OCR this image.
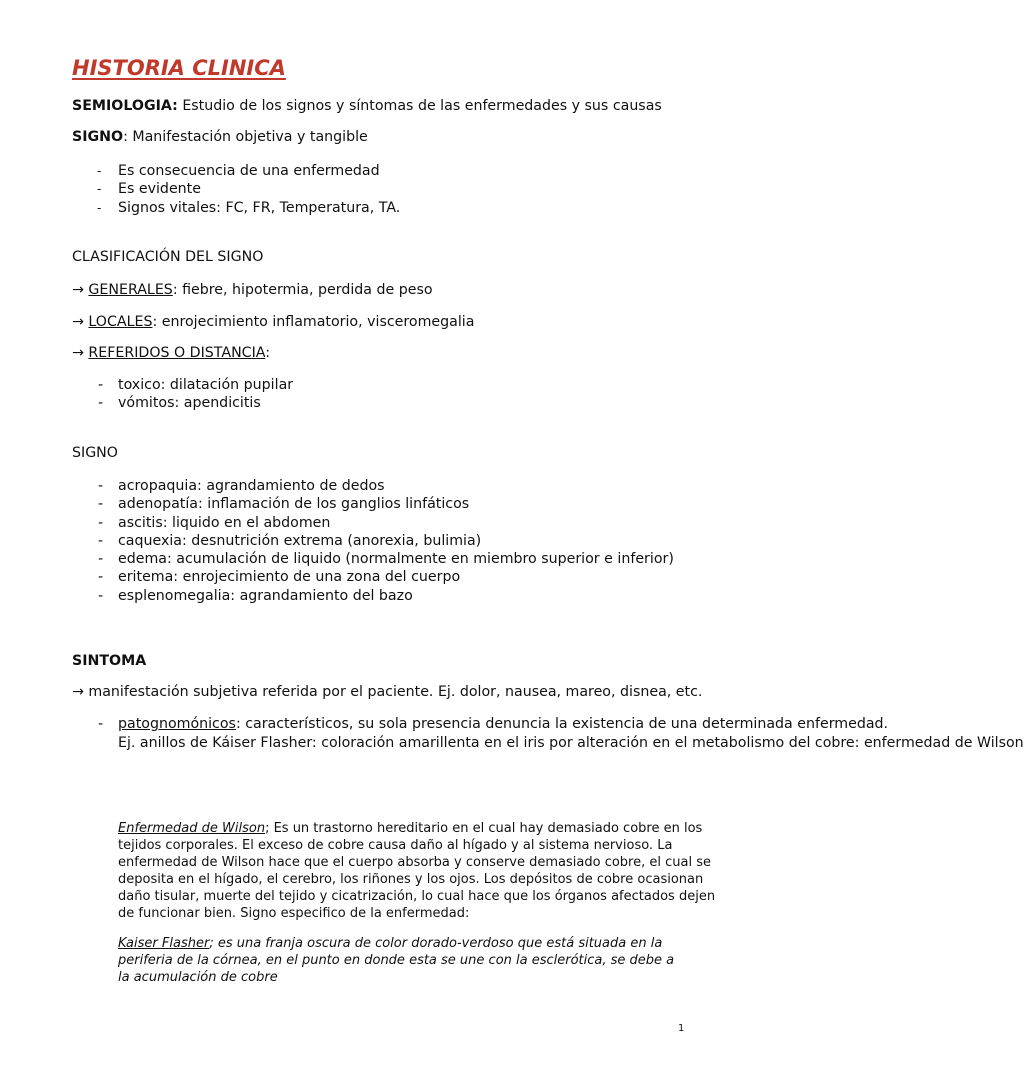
HISTORIA CLINICA
SEMIOLOGIA: Estudio de los signos y síntomas de las enfermedades y sus causas
SIGNO: Manifestación objetiva y tangible
- Es consecuencia de una enfermedad
- Es evidente
- Signos vitales: FC, FR, Temperatura, TA.
CLASIFICACIÓN DEL SIGNO
→ GENERALES: fiebre, hipotermia, perdida de peso
→ LOCALES: enrojecimiento inflamatorio, visceromegalia
→ REFERIDOS O DISTANCIA:
- toxico: dilatación pupilar
- vómitos: apendicitis
SIGNO
- acropaquia: agrandamiento de dedos
- adenopatía: inflamación de los ganglios linfáticos
- ascitis: liquido en el abdomen
- caquexia: desnutrición extrema (anorexia, bulimia)
- edema: acumulación de liquido (normalmente en miembro superior e inferior)
- eritema: enrojecimiento de una zona del cuerpo
- esplenomegalia: agrandamiento del bazo
SINTOMA
→ manifestación subjetiva referida por el paciente. Ej. dolor, nausea, mareo, disnea, etc.
- patognomónicos: característicos, su sola presencia denuncia la existencia de una determinada enfermedad.
Ej. anillos de Káiser Flasher: coloración amarillenta en el iris por alteración en el metabolismo del cobre: enfermedad de Wilson
Enfermedad de Wilson; Es un trastorno hereditario en el cual hay demasiado cobre en los tejidos corporales. El exceso de cobre causa daño al hígado y al sistema nervioso. La enfermedad de Wilson hace que el cuerpo absorba y conserve demasiado cobre, el cual se deposita en el hígado, el cerebro, los riñones y los ojos. Los depósitos de cobre ocasionan daño tisular, muerte del tejido y cicatrización, lo cual hace que los órganos afectados dejen de funcionar bien. Signo especifico de la enfermedad:
Kaiser Flasher; es una franja oscura de color dorado-verdoso que está situada en la periferia de la córnea, en el punto en donde esta se une con la esclerótica, se debe a la acumulación de cobre
1
